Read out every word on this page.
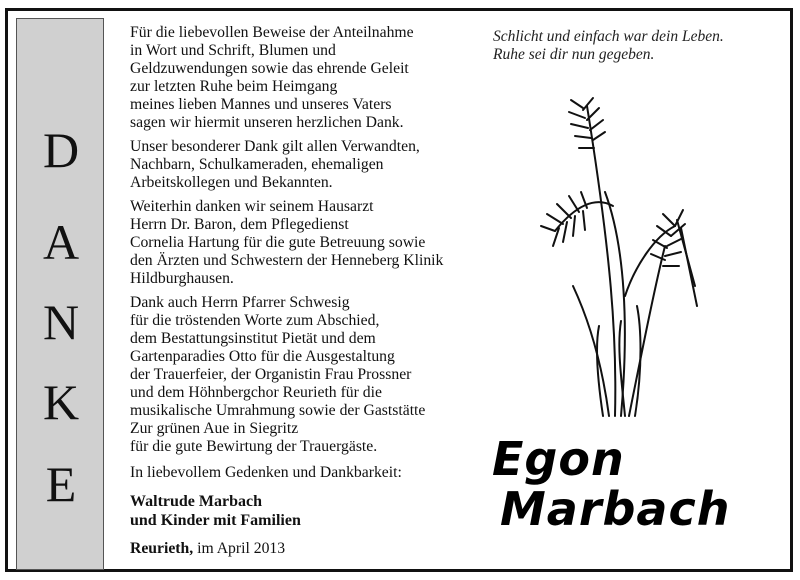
D
A
N
K
E

Für die liebevollen Beweise der Anteilnahme
in Wort und Schrift, Blumen und
Geldzuwendungen sowie das ehrende Geleit
zur letzten Ruhe beim Heimgang
meines lieben Mannes und unseres Vaters
sagen wir hiermit unseren herzlichen Dank.

Unser besonderer Dank gilt allen Verwandten,
Nachbarn, Schulkameraden, ehemaligen
Arbeitskollegen und Bekannten.

Weiterhin danken wir seinem Hausarzt
Herrn Dr. Baron, dem Pflegedienst
Cornelia Hartung für die gute Betreuung sowie
den Ärzten und Schwestern der Henneberg Klinik
Hildburghausen.

Dank auch Herrn Pfarrer Schwesig
für die tröstenden Worte zum Abschied,
dem Bestattungsinstitut Pietät und dem
Gartenparadies Otto für die Ausgestaltung
der Trauerfeier, der Organistin Frau Prossner
und dem Höhnbergchor Reurieth für die
musikalische Umrahmung sowie der Gaststätte
Zur grünen Aue in Siegritz
für die gute Bewirtung der Trauergäste.

In liebevollem Gedenken und Dankbarkeit:

Waltrude Marbach
und Kinder mit Familien

Reurieth, im April 2013

Schlicht und einfach war dein Leben.
Ruhe sei dir nun gegeben.
Egon
Marbach
